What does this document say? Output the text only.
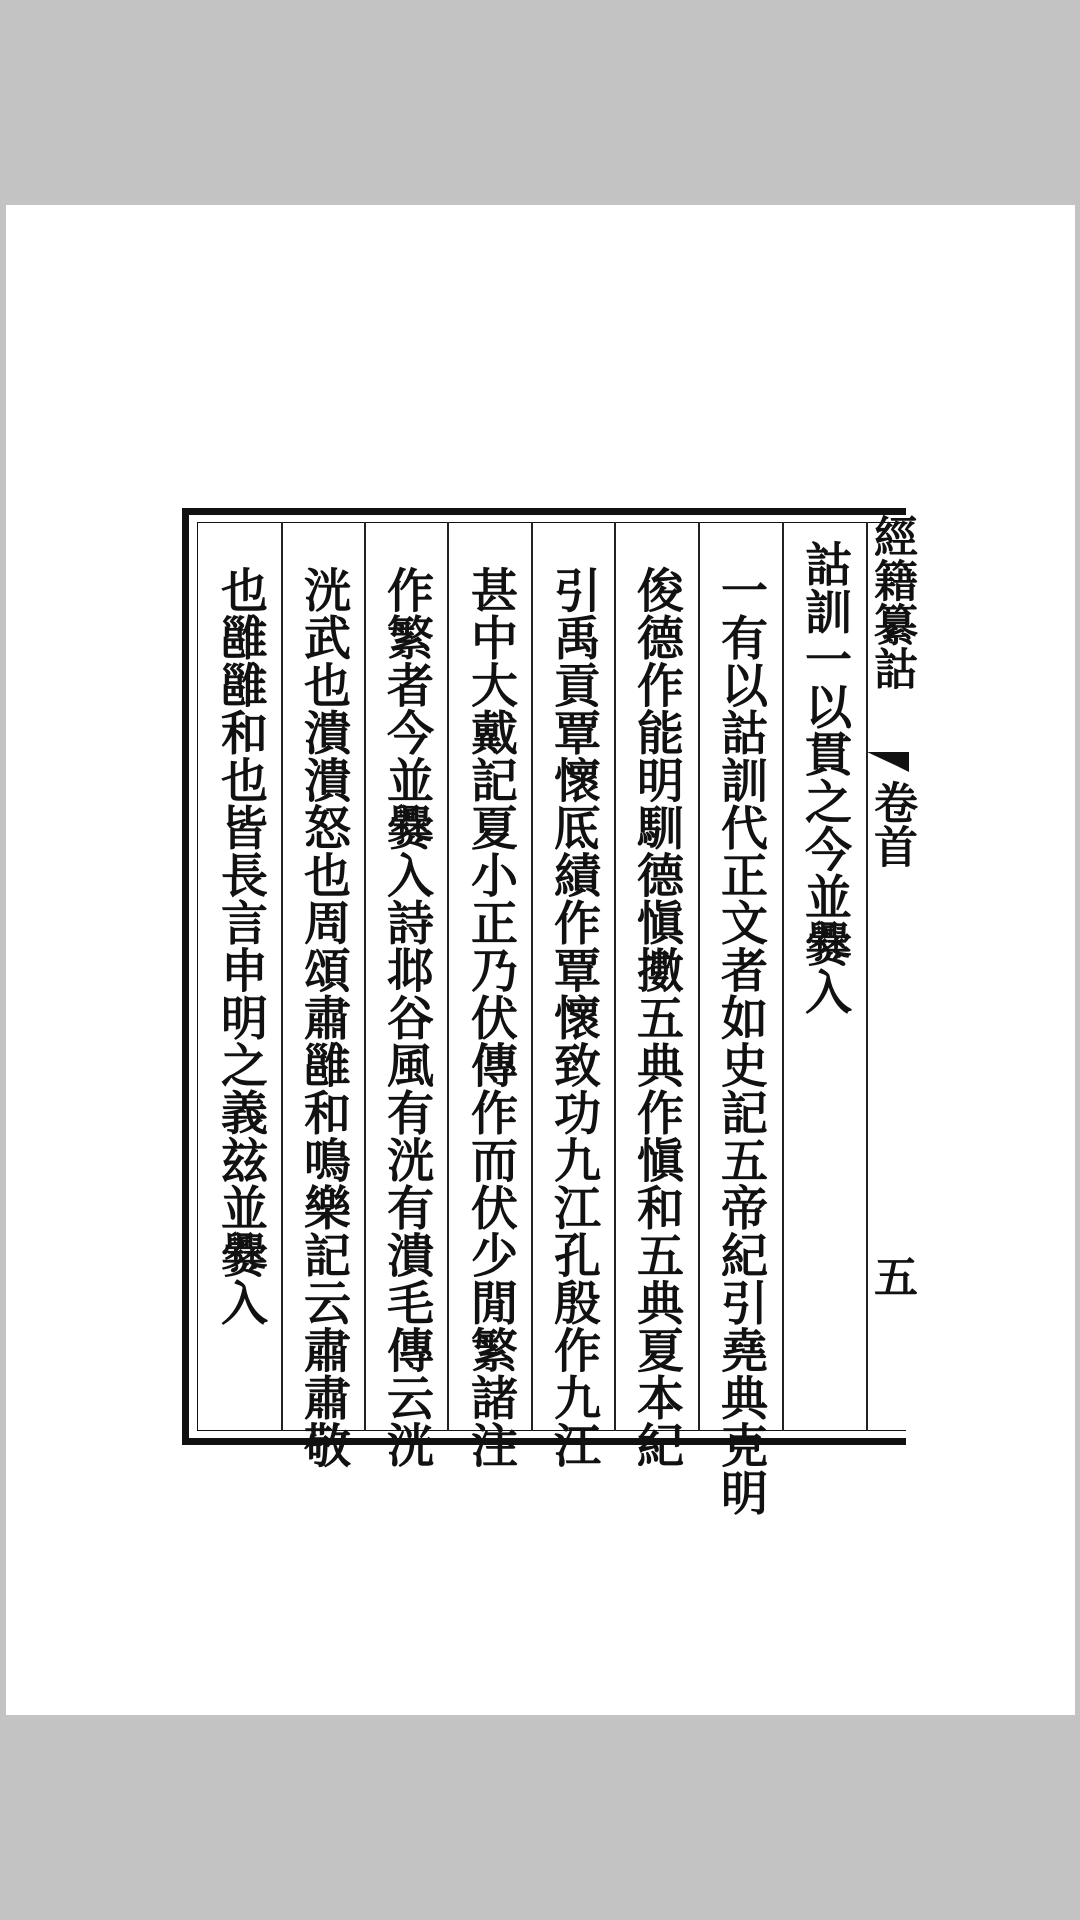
詁訓一以貫之今並爨入
一有以詁訓代正文者如史記五帝紀引堯典克明
俊德作能明馴德愼擻五典作愼和五典夏本紀
引禹貢覃懷厎績作覃懷致功九江孔殷作九江
甚中大戴記夏小正乃伏傳作而伏少閒繁諸注
作繁者今並爨入詩邶谷風有洸有潰毛傳云洸
洸武也潰潰怒也周頌肅雝和鳴樂記云肅肅敬
也雝雝和也皆長言申明之義玆並爨入	經籍纂詁
卷首
五
